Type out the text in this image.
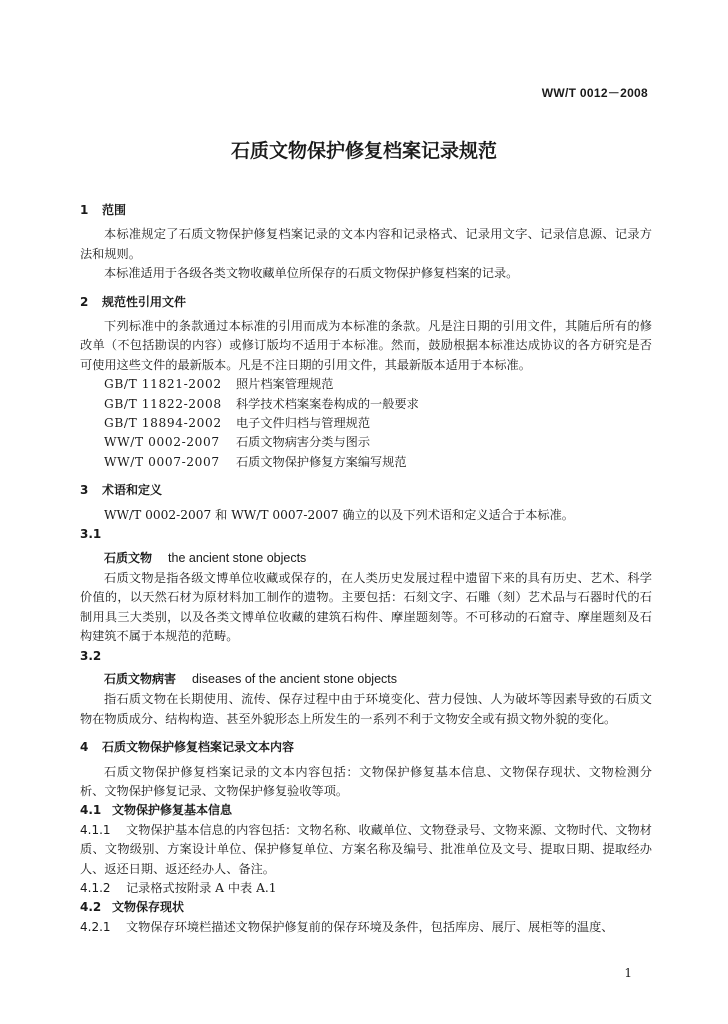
WW/T 0012－2008
石质文物保护修复档案记录规范
1 范围

本标准规定了石质文物保护修复档案记录的文本内容和记录格式、记录用文字、记录信息源、记录方法和规则。

本标准适用于各级各类文物收藏单位所保存的石质文物保护修复档案的记录。

2 规范性引用文件

下列标准中的条款通过本标准的引用而成为本标准的条款。凡是注日期的引用文件，其随后所有的修改单（不包括勘误的内容）或修订版均不适用于本标准。然而，鼓励根据本标准达成协议的各方研究是否可使用这些文件的最新版本。凡是不注日期的引用文件，其最新版本适用于本标准。

GB/T 11821-2002 照片档案管理规范
GB/T 11822-2008 科学技术档案案卷构成的一般要求
GB/T 18894-2002 电子文件归档与管理规范
WW/T 0002-2007 石质文物病害分类与图示
WW/T 0007-2007 石质文物保护修复方案编写规范
3 术语和定义

WW/T 0002-2007 和 WW/T 0007-2007 确立的以及下列术语和定义适合于本标准。

3.1
石质文物 the ancient stone objects

石质文物是指各级文博单位收藏或保存的，在人类历史发展过程中遗留下来的具有历史、艺术、科学价值的，以天然石材为原材料加工制作的遗物。主要包括：石刻文字、石雕（刻）艺术品与石器时代的石制用具三大类别，以及各类文博单位收藏的建筑石构件、摩崖题刻等。不可移动的石窟寺、摩崖题刻及石构建筑不属于本规范的范畴。

3.2
石质文物病害 diseases of the ancient stone objects

指石质文物在长期使用、流传、保存过程中由于环境变化、营力侵蚀、人为破坏等因素导致的石质文物在物质成分、结构构造、甚至外貌形态上所发生的一系列不利于文物安全或有损文物外貌的变化。

4 石质文物保护修复档案记录文本内容

石质文物保护修复档案记录的文本内容包括：文物保护修复基本信息、文物保存现状、文物检测分析、文物保护修复记录、文物保护修复验收等项。

4.1 文物保护修复基本信息
4.1.1 文物保护基本信息的内容包括：文物名称、收藏单位、文物登录号、文物来源、文物时代、文物材质、文物级别、方案设计单位、保护修复单位、方案名称及编号、批准单位及文号、提取日期、提取经办人、返还日期、返还经办人、备注。
4.1.2 记录格式按附录 A 中表 A.1
4.2 文物保存现状
4.2.1 文物保存环境栏描述文物保护修复前的保存环境及条件，包括库房、展厅、展柜等的温度、
1
